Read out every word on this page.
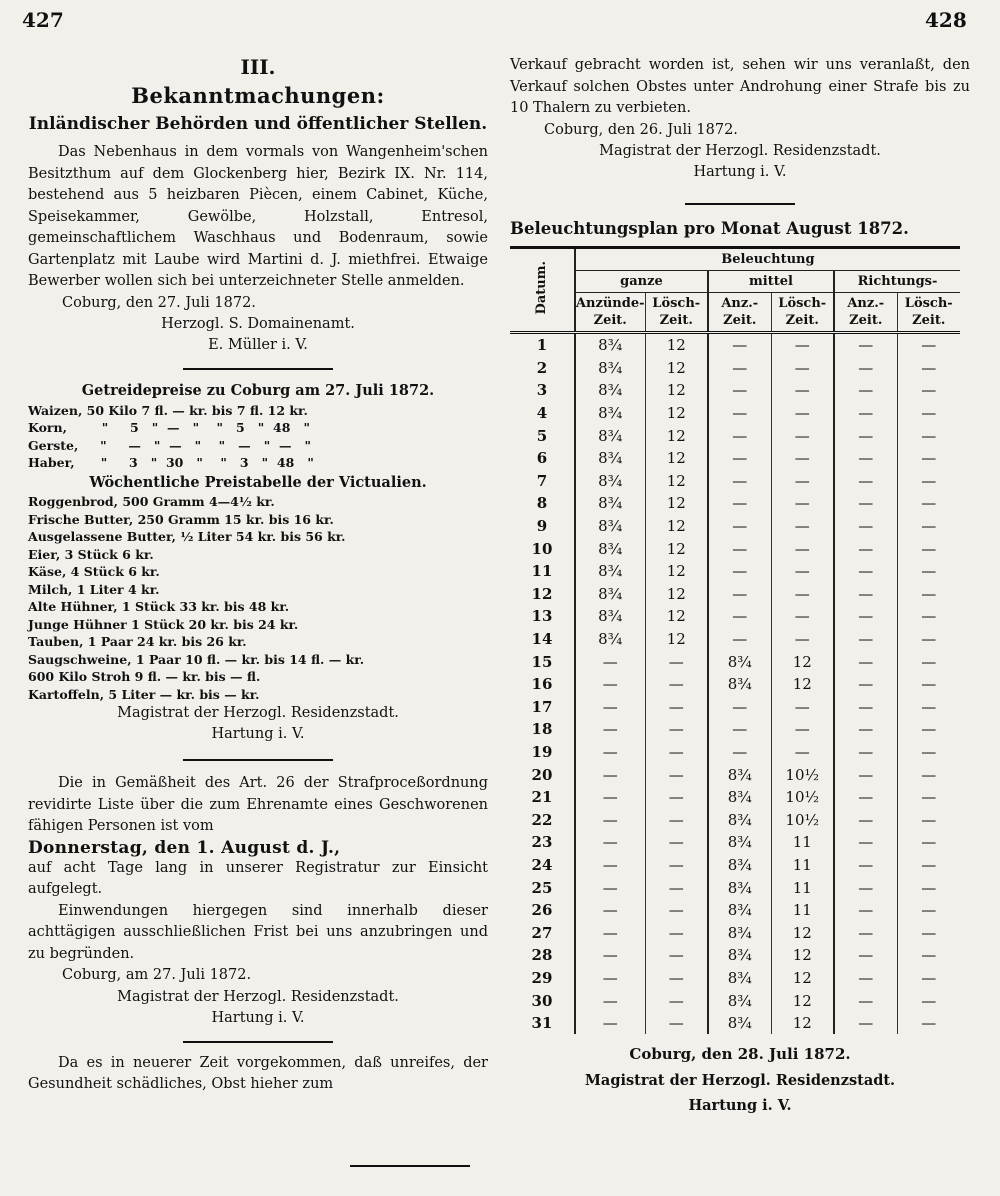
427	428
III.
Bekanntmachungen:
Inländischer Behörden und öffentlicher Stellen.

Das Nebenhaus in dem vormals von Wangenheim'schen Besitzthum auf dem Glockenberg hier, Bezirk IX. Nr. 114, bestehend aus 5 heizbaren Piècen, einem Cabinet, Küche, Speisekammer, Gewölbe, Holzstall, Entresol, gemeinschaftlichem Waschhaus und Bodenraum, sowie Gartenplatz mit Laube wird Martini d. J. miethfrei. Etwaige Bewerber wollen sich bei unterzeichneter Stelle anmelden.

Coburg, den 27. Juli 1872.

Herzogl. S. Domainenamt.

E. Müller i. V.

Getreidepreise zu Coburg am 27. Juli 1872.

Waizen, 50 Kilo 7 fl. — kr. bis 7 fl. 12 kr.
Korn,        "     5   "  —   "    "   5   "  48   "
Gerste,     "     —   "  —   "    "   —   "  —   "
Haber,      "     3   "  30   "    "   3   "  48   "

Wöchentliche Preistabelle der Victualien.

Roggenbrod, 500 Gramm 4—4½ kr.
Frische Butter, 250 Gramm 15 kr. bis 16 kr.
Ausgelassene Butter, ½ Liter 54 kr. bis 56 kr.
Eier, 3 Stück 6 kr.
Käse, 4 Stück 6 kr.
Milch, 1 Liter 4 kr.
Alte Hühner, 1 Stück 33 kr. bis 48 kr.
Junge Hühner 1 Stück 20 kr. bis 24 kr.
Tauben, 1 Paar 24 kr. bis 26 kr.
Saugschweine, 1 Paar 10 fl. — kr. bis 14 fl. — kr.
600 Kilo Stroh 9 fl. — kr. bis — fl.
Kartoffeln, 5 Liter — kr. bis — kr.

Magistrat der Herzogl. Residenzstadt.

Hartung i. V.

Die in Gemäßheit des Art. 26 der Strafproceßordnung revidirte Liste über die zum Ehrenamte eines Geschworenen fähigen Personen ist vom

Donnerstag, den 1. August d. J.,

auf acht Tage lang in unserer Registratur zur Einsicht aufgelegt.

Einwendungen hiergegen sind innerhalb dieser achttägigen ausschließlichen Frist bei uns anzubringen und zu begründen.

Coburg, am 27. Juli 1872.

Magistrat der Herzogl. Residenzstadt.

Hartung i. V.

Da es in neuerer Zeit vorgekommen, daß unreifes, der Gesundheit schädliches, Obst hieher zum

Verkauf gebracht worden ist, sehen wir uns veranlaßt, den Verkauf solchen Obstes unter Androhung einer Strafe bis zu 10 Thalern zu verbieten.

Coburg, den 26. Juli 1872.

Magistrat der Herzogl. Residenzstadt.

Hartung i. V.

Beleuchtungsplan pro Monat August 1872.
Datum.	Beleuchtung					
	ganze		mittel		Richtungs-	
	Anzünde-Zeit.	Lösch-Zeit.	Anz.-Zeit.	Lösch-Zeit.	Anz.-Zeit.	Lösch-Zeit.
1	8¾	12	—	—	—	—
2	8¾	12	—	—	—	—
3	8¾	12	—	—	—	—
4	8¾	12	—	—	—	—
5	8¾	12	—	—	—	—
6	8¾	12	—	—	—	—
7	8¾	12	—	—	—	—
8	8¾	12	—	—	—	—
9	8¾	12	—	—	—	—
10	8¾	12	—	—	—	—
11	8¾	12	—	—	—	—
12	8¾	12	—	—	—	—
13	8¾	12	—	—	—	—
14	8¾	12	—	—	—	—
15	—	—	8¾	12	—	—
16	—	—	8¾	12	—	—
17	—	—	—	—	—	—
18	—	—	—	—	—	—
19	—	—	—	—	—	—
20	—	—	8¾	10½	—	—
21	—	—	8¾	10½	—	—
22	—	—	8¾	10½	—	—
23	—	—	8¾	11	—	—
24	—	—	8¾	11	—	—
25	—	—	8¾	11	—	—
26	—	—	8¾	11	—	—
27	—	—	8¾	12	—	—
28	—	—	8¾	12	—	—
29	—	—	8¾	12	—	—
30	—	—	8¾	12	—	—
31	—	—	8¾	12	—	—

Coburg, den 28. Juli 1872.

Magistrat der Herzogl. Residenzstadt.

Hartung i. V.
